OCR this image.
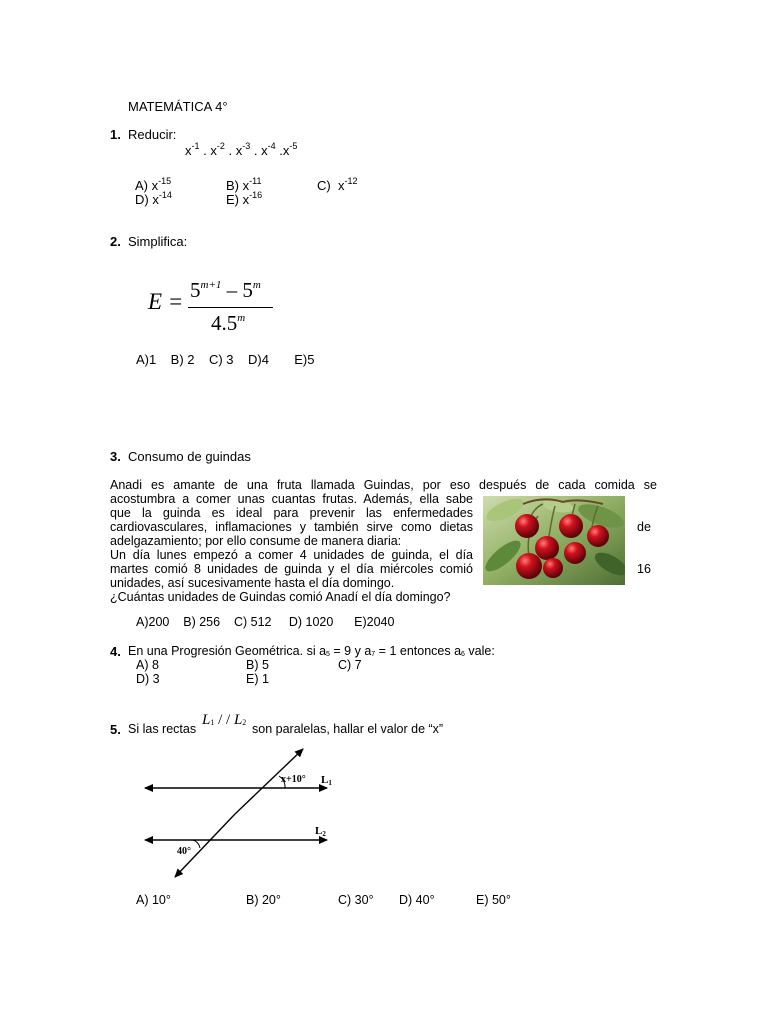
MATEMÁTICA 4°
1. Reducir:
$x^{-1}$ . $x^{-2}$ . $x^{-3}$ . $x^{-4}$ $.x^{-5}$
A) $x^{-15}$	B) $x^{-11}$	C) $x^{-12}$
D) $x^{-14}$	E) $x^{-16}$
2. Simplifica:
$E = 5^{m+1} - 5^m$
4.5$^m$
A)1    B) 2    C) 3    D)4       E)5
3. Consumo de guindas
Anadi es amante de una fruta llamada Guindas, por eso después de cada comida se
acostumbra a comer unas cuantas frutas. Además, ella sabe
que la guinda es ideal para prevenir las enfermedades
cardiovasculares, inflamaciones y también sirve como dietas
adelgazamiento; por ello consume de manera diaria:
Un día lunes empezó a comer 4 unidades de guinda, el día
martes comió 8 unidades de guinda y el día miércoles comió
unidades, así sucesivamente hasta el día domingo.
¿Cuántas unidades de Guindas comió Anadí el día domingo?
de
16
A)200    B) 256    C) 512     D) 1020      E)2040
4. En una Progresión Geométrica. si $a_5 = 9$ y $a_7 = 1$ entonces $a_6$ vale:
A) 8	B) 5	C) 7
D) 3	E) 1
5. Si las rectas
$L_1$ / / $L_2$ son paralelas, hallar el valor de “x”
x+10°
40°
L1
L2
A) 10°	B) 20°	C) 30° D) 40°	E) 50°
